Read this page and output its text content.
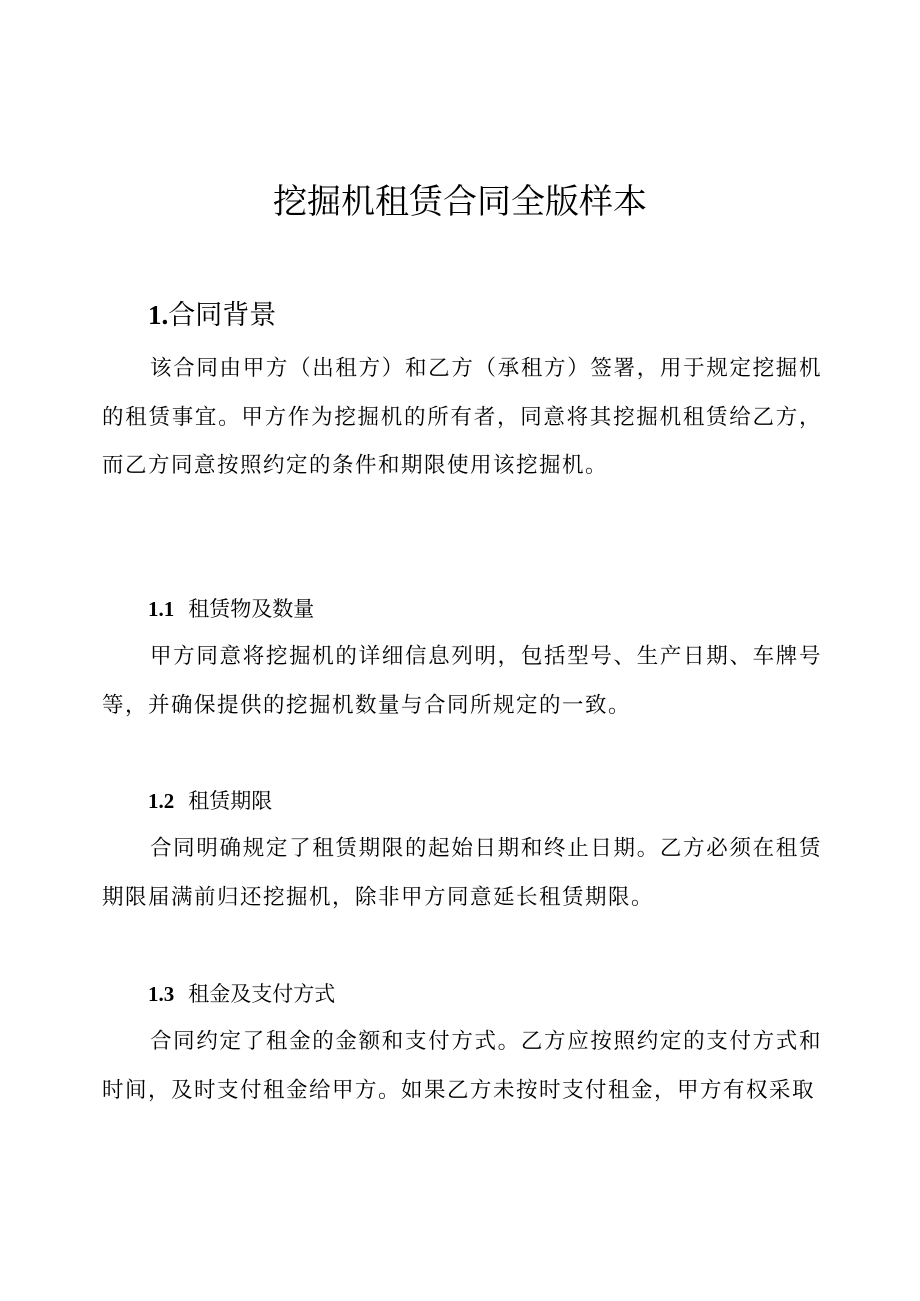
挖掘机租赁合同全版样本
1.合同背景

该合同由甲方（出租方）和乙方（承租方）签署，用于规定挖掘机的租赁事宜。甲方作为挖掘机的所有者，同意将其挖掘机租赁给乙方，而乙方同意按照约定的条件和期限使用该挖掘机。

1.1 租赁物及数量

甲方同意将挖掘机的详细信息列明，包括型号、生产日期、车牌号等，并确保提供的挖掘机数量与合同所规定的一致。

1.2 租赁期限

合同明确规定了租赁期限的起始日期和终止日期。乙方必须在租赁期限届满前归还挖掘机，除非甲方同意延长租赁期限。

1.3 租金及支付方式

合同约定了租金的金额和支付方式。乙方应按照约定的支付方式和时间，及时支付租金给甲方。如果乙方未按时支付租金，甲方有权采取
